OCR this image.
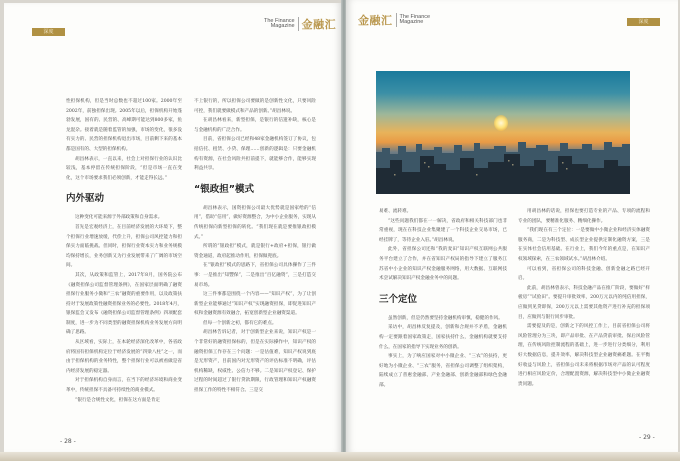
深度
The Finance
Magazine 金融汇

性担保机构，但是当时总数也不超过100家。2000年至2002年，前独担保出现。2005年以后，担保机构开始蓬勃发展，国有的、民营的、高峰期可能达到800多家，鱼龙混杂。接着就是随着监管的加强，市场的变化，很多没有实力的、民营的担保机构退出市场，目前剩下来的基本都是国有的、大型的担保机构。

胡昌林表示，一直以来，社会上对担保行业的认识比较浅，基本停留在传统担保阶段，“但是市场一直在变化，这个市场要求我们必须创新，才能走得长远。”

内外驱动

这种变化可能来源于外部政策和自身需求。

首先是宏观经济上，在目前经济发展的大环境下，整个担保行业增速放缓，代偿上升，担保公司风控能力和担保实力面临挑战。但同时，担保行业资本实力和业务规模均保持增长，业务创新又为行业发展带来了广阔的市场空间。

其次，从政策和监管上，2017年8月，国务院公布《融资担保公司监督管理条例》，在国家层面明确了融资担保行业服务小微和“三农”融资的重要作用，以及政策扶持对于发展政策性融资担保业务的必要性。2018年4月，银保监会又发布《融资担保公司监督管理条例》四项配套制度，进一步为不同类型的融资担保机构业务发展方向明确了思路。

从区域看，实际上，在本轮经济深化改革中，各省政府将国有担保机构定位于经济发展的“四梁八柱”之一，而由于担保机构的业务特性，整个担保行业可以被看做是省内经济发展的稳定器。

对于担保机构自身而言，在当下的经济环境和商业变革中，传统担保不具备可持续性的商业模式。

“银行是合规性文化，担保在这方面是肯定

不上银行的，所以担保公司要做的是创新性文化，只要风险可控，我们就要做模式和产品的创新。”胡昌林说。

在胡昌林看来，新型担保，是银行的信遗补缺，核心是与金融机构的广泛合作。

目前，省担保公司已经和48家金融机构签订了协议，包括信托、租赁、小贷、保理……创新的逻辑是：只要金融机构有资源，在社会风险共担前提下，就能够合作，能够实现利益共享。

“银政担”模式

胡昌林表示，国资担保公司最大优势就是国家给的“信用”，借助“信用”，做好资源整合，为中小企业服务，实现从传统担保向新型担保的转化。“我们现在就是要推银政担模式。”

所谓的“银政担”模式，就是银行+政府+担保，银行做资金通道，政府起推动作用，担保做兜底。

在“银政担”模式的思路下，省担保公司具体操作了三件事：一是推出“知豐保”，二是推出“百亿融资”，三是打造交易市场。

这三件事都是围绕一个内容——“知识产权”，为了让创新型企业能够通过“知识产权”实现融资担保，即促进知识产权和金融资源有效融合，拓宽创新型企业融资渠道。

但每一个创新之初，都有它的难点。

胡昌林告诉记者，对于创新型企业来说，知识产权是一个非常好的融资担保标的，但是在实际操作中，知识产权的融资担保工作存在三个问题：一是估值难，知识产权说到底是无形资产，目前国内对无形资产的评估标准不明确，评估机构稀缺，权威性、公信力不够。二是知识产权登记、保护过程的时间超过了银行贷款期限，行政管理和知识产权融资担保工作的特性不相符合。三是交

- 28 -
金融汇 The Finance
Magazine	深度

易难、流转难。

“这些问题我们都在一一解决，省政府和相关科技部门也非常重视，现在在科技企业集聚建了一个科技企业交易市场，已经挂牌了，等待企业入驻。”胡昌林说。

此外，省担保公司还和“我的麦田”知识产权互联网公共服务平台建立了合作，并在省知识产权局的指导下建立了服务江苏省中小企业的知识产权金融服务网络，用大数据、互联网技术尝试解决知识产权金融业务中的问题。

三个定位

虽然创新，但是仍然要坚持金融机构审慎，稳健的作风。

采访中，胡昌林反复提及，创新和合规并不矛盾，金融机构一定要跟着国家政策走，国家扶持什么，金融机构就要支持什么，在国家的指导下实现业务的创新。

事实上，为了响应国家对中小微企业、“三农”的扶持，更好地为小微企业、“三农”服务，省担保公司调整了组织架构，陆续成立了普惠金融部、产业金融部、创新金融部和绿色金融部。

用胡昌林的话说，担保也要打造专业的产品、专项的流程和专业的团队，要精准化服务、精细化操作。

“我们现在有三个定位：一是要做中小微企业和经济实体融资服务商，二是为科技型、成长型企业提供定制化融资方案，三是在实体社会信用基础。在行业上，我们今年的重点是，在知识产权领域探索，在三农领域试水。”胡昌林介绍。

可以看到，省担保公司的科技金融、创新金融之路已经开启。

此前，胡昌林曾表示，科技金融产品在推广阶段，要做好“样板房”“试验田”。要提升审批效率，200万元以内的纯信用担保，应做到见贷即保，200万元以上需要其他资产进行补充的担保项目，应做到与银行同步审批。

需要提及的是，创新之下的风控工作上，目前省担保公司将风险管理分为三块，即产品审批、在产品贷前审批、保后风险管理，在传统风险控制流程的基础上，进一步进行分类细分，利用好大数据信息，提升效率，解决科技型企业融资痛难题。在平衡好收益与风险上，省担保公司未来将根据市场对产品的认可程度进行相应风险定价，合理配置资源，解决科技型中小微企业融资贵问题。

- 29 -
